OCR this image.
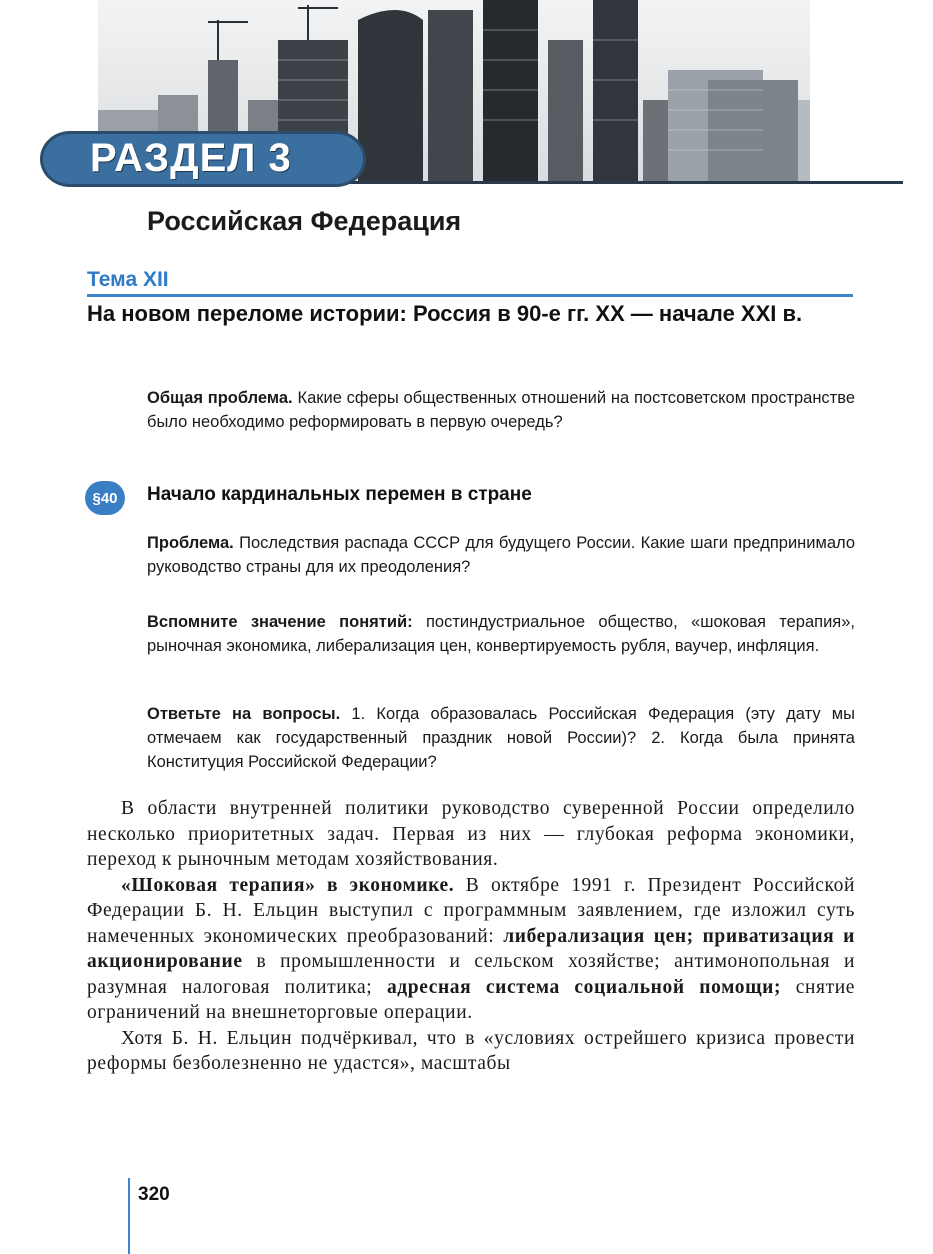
РАЗДЕЛ 3
Российская Федерация
Тема XII
На новом переломе истории: Россия в 90-е гг. XX — начале XXI в.
Общая проблема. Какие сферы общественных отношений на постсоветском пространстве было необходимо реформировать в первую очередь?
§40	Начало кардинальных перемен в стране
Проблема. Последствия распада СССР для будущего России. Какие шаги предпринимало руководство страны для их преодоления?
Вспомните значение понятий: постиндустриальное общество, «шоковая терапия», рыночная экономика, либерализация цен, конвертируемость рубля, ваучер, инфляция.
Ответьте на вопросы. 1. Когда образовалась Российская Федерация (эту дату мы отмечаем как государственный праздник новой России)? 2. Когда была принята Конституция Российской Федерации?

В области внутренней политики руководство суверенной России определило несколько приоритетных задач. Первая из них — глубокая реформа экономики, переход к рыночным методам хозяйствования.

«Шоковая терапия» в экономике. В октябре 1991 г. Президент Российской Федерации Б. Н. Ельцин выступил с программным заявлением, где изложил суть намеченных экономических преобразований: либерализация цен; приватизация и акционирование в промышленности и сельском хозяйстве; антимонопольная и разумная налоговая политика; адресная система социальной помощи; снятие ограничений на внешнеторговые операции.

Хотя Б. Н. Ельцин подчёркивал, что в «условиях острейшего кризиса провести реформы безболезненно не удастся», масштабы

320
